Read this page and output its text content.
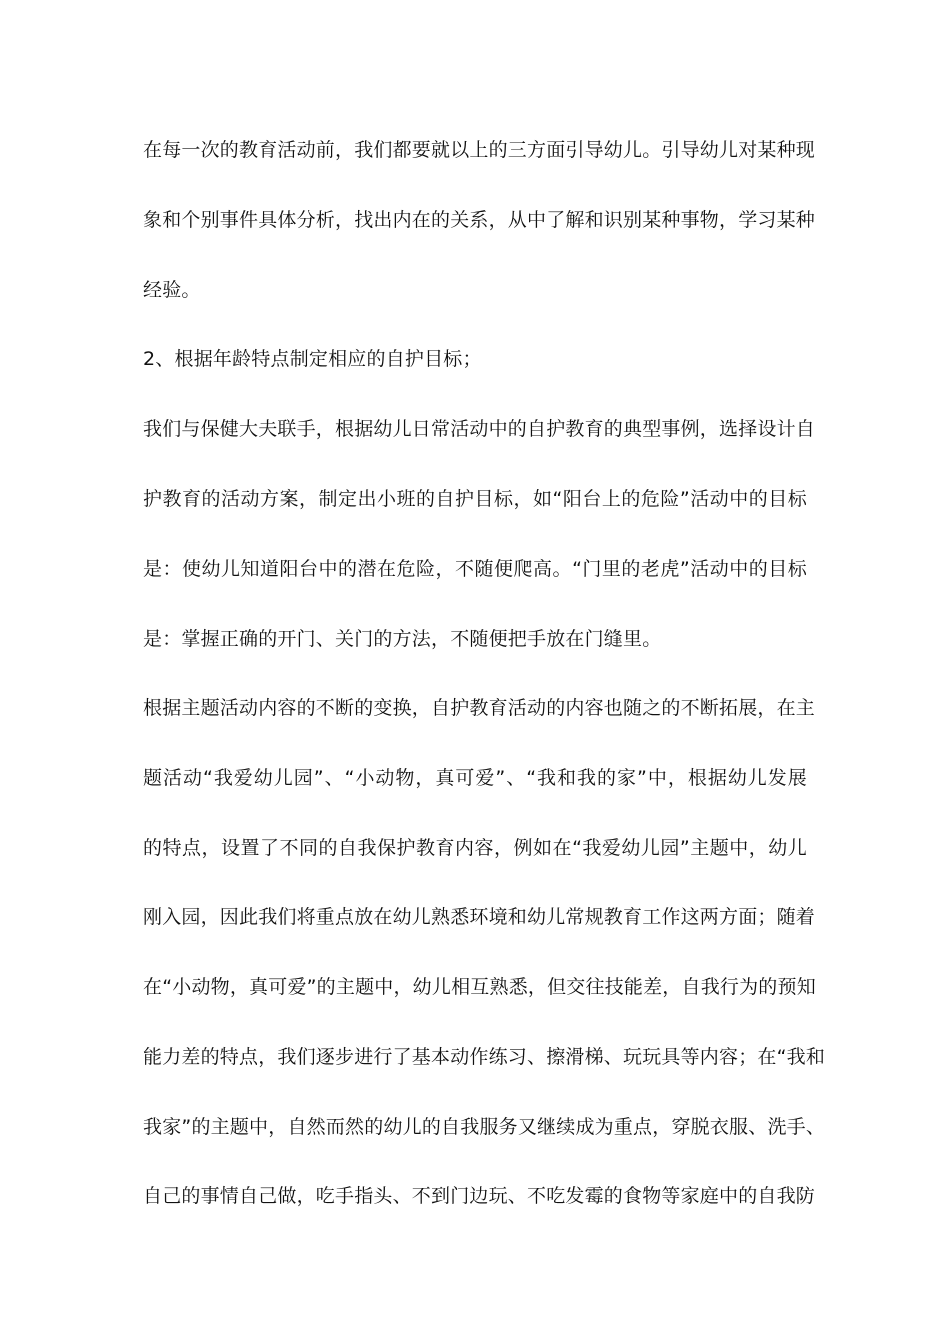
在每一次的教育活动前，我们都要就以上的三方面引导幼儿。引导幼儿对某种现
象和个别事件具体分析，找出内在的关系，从中了解和识别某种事物，学习某种
经验。
2、根据年龄特点制定相应的自护目标；
我们与保健大夫联手，根据幼儿日常活动中的自护教育的典型事例，选择设计自
护教育的活动方案，制定出小班的自护目标，如“阳台上的危险”活动中的目标
是：使幼儿知道阳台中的潜在危险，不随便爬高。“门里的老虎”活动中的目标
是：掌握正确的开门、关门的方法，不随便把手放在门缝里。
根据主题活动内容的不断的变换，自护教育活动的内容也随之的不断拓展，在主
题活动“我爱幼儿园”、“小动物，真可爱”、“我和我的家”中，根据幼儿发展
的特点，设置了不同的自我保护教育内容，例如在“我爱幼儿园”主题中，幼儿
刚入园，因此我们将重点放在幼儿熟悉环境和幼儿常规教育工作这两方面；随着
在“小动物，真可爱”的主题中，幼儿相互熟悉，但交往技能差，自我行为的预知
能力差的特点，我们逐步进行了基本动作练习、擦滑梯、玩玩具等内容；在“我和
我家”的主题中，自然而然的幼儿的自我服务又继续成为重点，穿脱衣服、洗手、
自己的事情自己做，吃手指头、不到门边玩、不吃发霉的食物等家庭中的自我防
